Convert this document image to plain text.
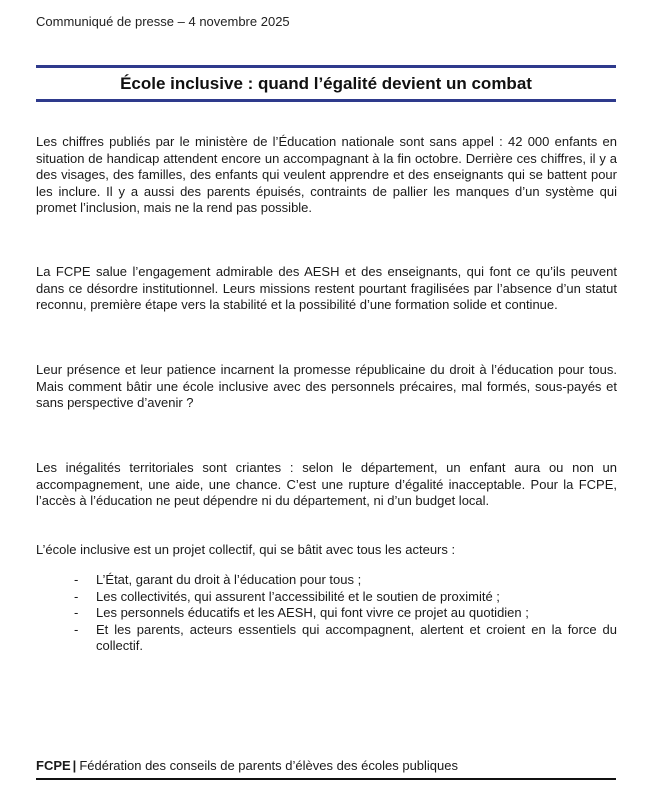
Communiqué de presse – 4 novembre 2025
École inclusive : quand l’égalité devient un combat

Les chiffres publiés par le ministère de l’Éducation nationale sont sans appel : 42 000 enfants en situation de handicap attendent encore un accompagnant à la fin octobre. Derrière ces chiffres, il y a des visages, des familles, des enfants qui veulent apprendre et des enseignants qui se battent pour les inclure. Il y a aussi des parents épuisés, contraints de pallier les manques d’un système qui promet l’inclusion, mais ne la rend pas possible.

La FCPE salue l’engagement admirable des AESH et des enseignants, qui font ce qu’ils peuvent dans ce désordre institutionnel. Leurs missions restent pourtant fragilisées par l’absence d’un statut reconnu, première étape vers la stabilité et la possibilité d’une formation solide et continue.

Leur présence et leur patience incarnent la promesse républicaine du droit à l’éducation pour tous. Mais comment bâtir une école inclusive avec des personnels précaires, mal formés, sous-payés et sans perspective d’avenir ?

Les inégalités territoriales sont criantes : selon le département, un enfant aura ou non un accompagnement, une aide, une chance. C’est une rupture d’égalité inacceptable. Pour la FCPE, l’accès à l’éducation ne peut dépendre ni du département, ni d’un budget local.

L’école inclusive est un projet collectif, qui se bâtit avec tous les acteurs :

- L’État, garant du droit à l’éducation pour tous ;
- Les collectivités, qui assurent l’accessibilité et le soutien de proximité ;
- Les personnels éducatifs et les AESH, qui font vivre ce projet au quotidien ;
- Et les parents, acteurs essentiels qui accompagnent, alertent et croient en la force du collectif.
FCPE | Fédération des conseils de parents d’élèves des écoles publiques
